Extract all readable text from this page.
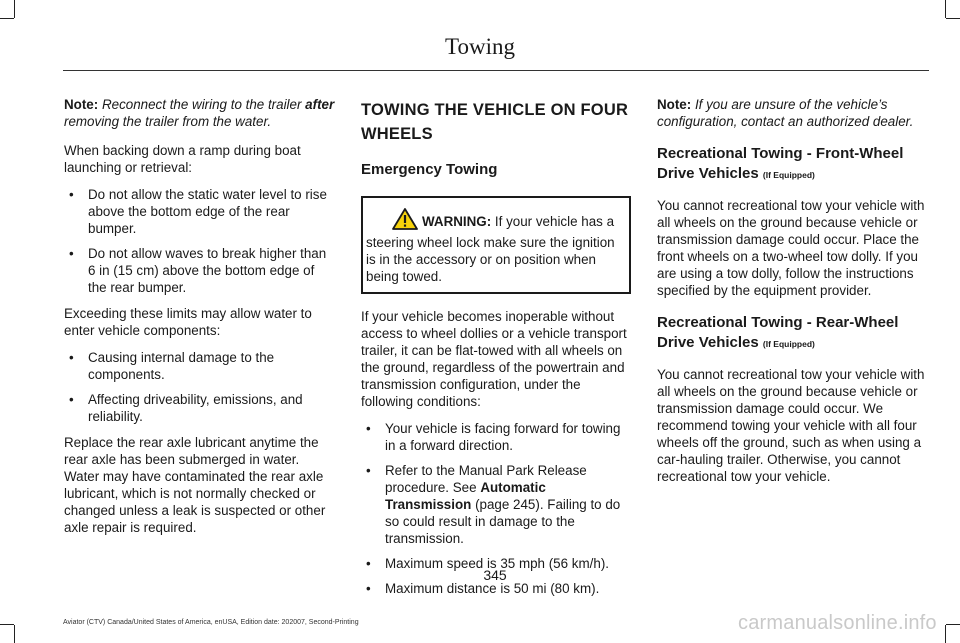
Towing

Note: Reconnect the wiring to the trailer after removing the trailer from the water.

When backing down a ramp during boat launching or retrieval:

• Do not allow the static water level to rise above the bottom edge of the rear bumper.
• Do not allow waves to break higher than 6 in (15 cm) above the bottom edge of the rear bumper.

Exceeding these limits may allow water to enter vehicle components:

• Causing internal damage to the components.
• Affecting driveability, emissions, and reliability.

Replace the rear axle lubricant anytime the rear axle has been submerged in water. Water may have contaminated the rear axle lubricant, which is not normally checked or changed unless a leak is suspected or other axle repair is required.

TOWING THE VEHICLE ON FOUR
WHEELS
Emergency Towing
WARNING: If your vehicle has a steering wheel lock make sure the ignition is in the accessory or on position when being towed.

If your vehicle becomes inoperable without access to wheel dollies or a vehicle transport trailer, it can be flat-towed with all wheels on the ground, regardless of the powertrain and transmission configuration, under the following conditions:

• Your vehicle is facing forward for towing in a forward direction.
• Refer to the Manual Park Release procedure. See Automatic Transmission (page 245). Failing to do so could result in damage to the transmission.
• Maximum speed is 35 mph (56 km/h).
• Maximum distance is 50 mi (80 km).

Note: If you are unsure of the vehicle’s configuration, contact an authorized dealer.

Recreational Towing - Front-Wheel Drive Vehicles (If Equipped)

You cannot recreational tow your vehicle with all wheels on the ground because vehicle or transmission damage could occur. Place the front wheels on a two-wheel tow dolly. If you are using a tow dolly, follow the instructions specified by the equipment provider.

Recreational Towing - Rear-Wheel Drive Vehicles (If Equipped)

You cannot recreational tow your vehicle with all wheels on the ground because vehicle or transmission damage could occur. We recommend towing your vehicle with all four wheels off the ground, such as when using a car-hauling trailer. Otherwise, you cannot recreational tow your vehicle.

345
Aviator (CTV) Canada/United States of America, enUSA, Edition date: 202007, Second-Printing	carmanualsonline.info
